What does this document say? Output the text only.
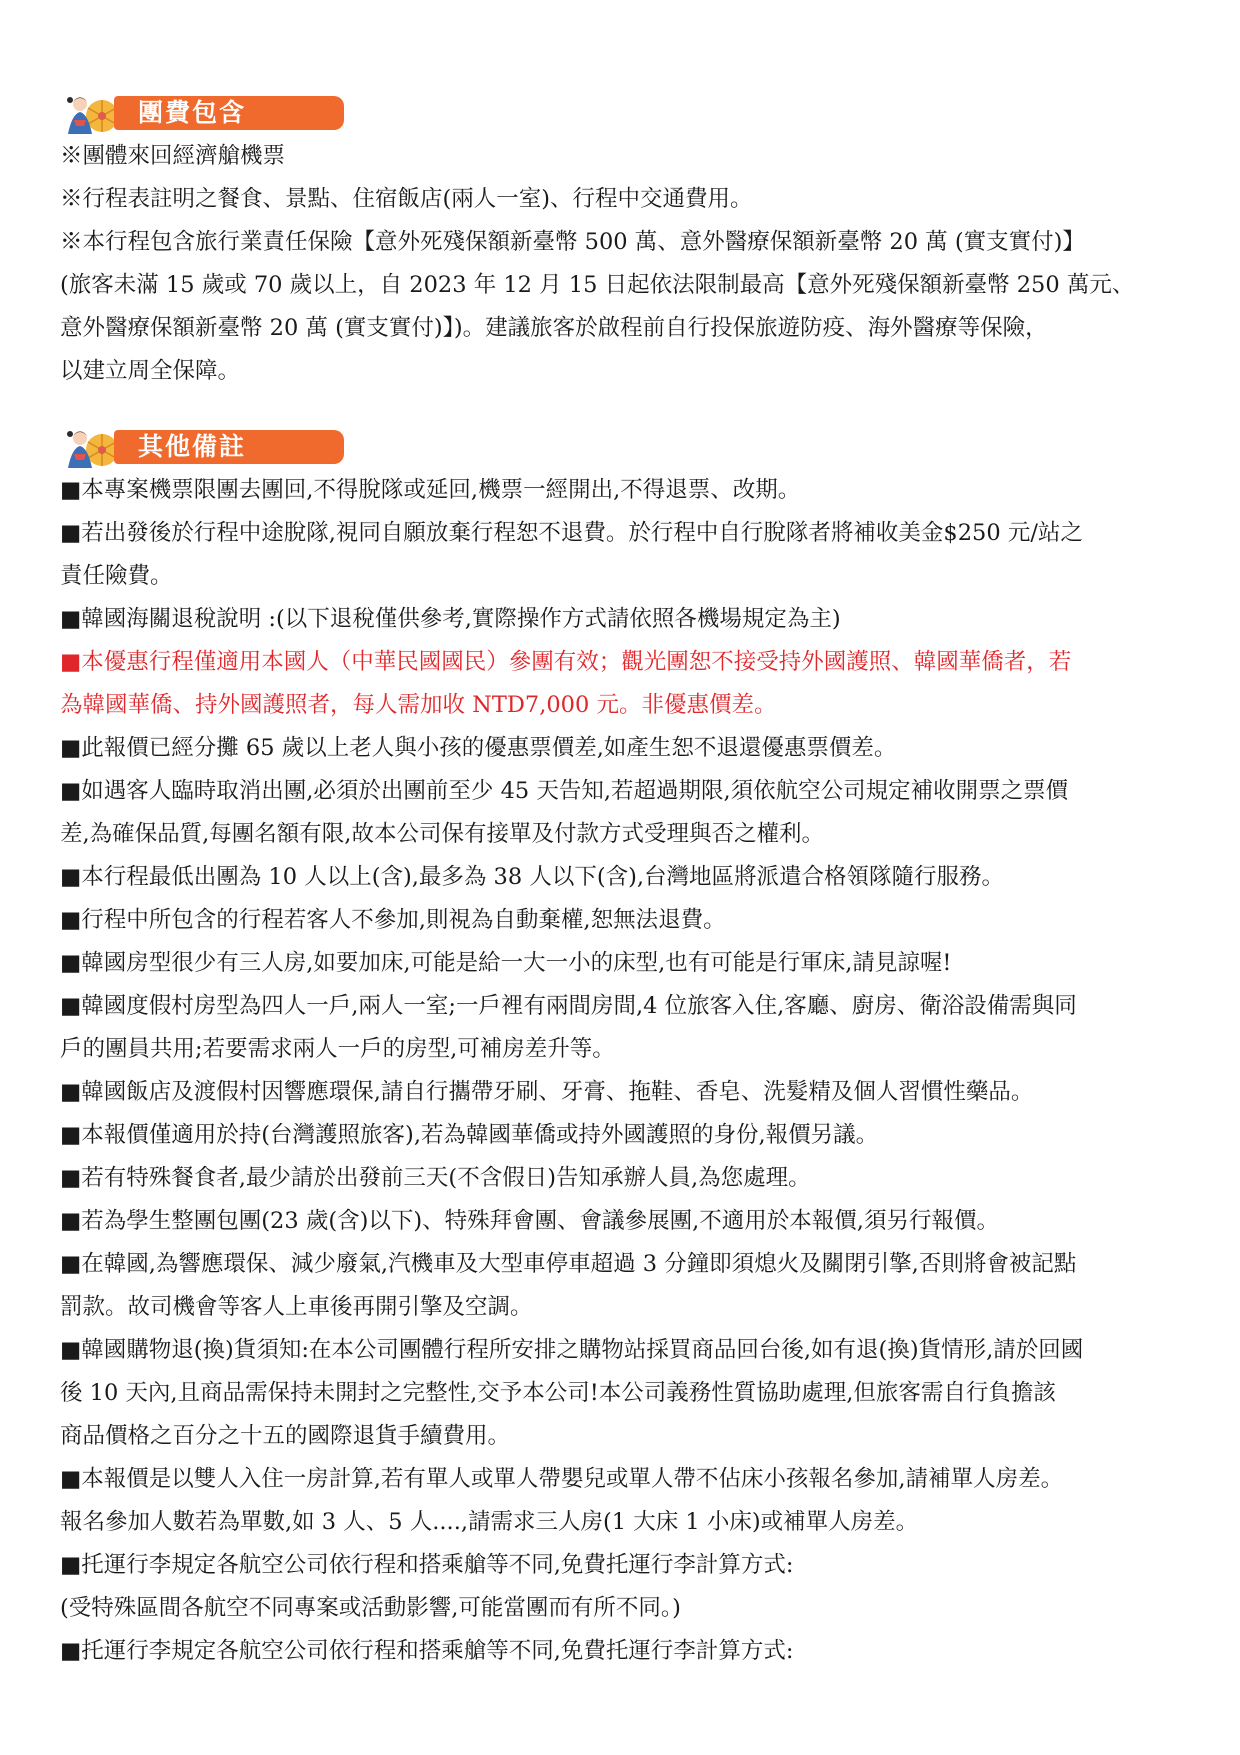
團費包含

※團體來回經濟艙機票

※行程表註明之餐食、景點、住宿飯店(兩人一室)、行程中交通費用。

※本行程包含旅行業責任保險【意外死殘保額新臺幣 500 萬、意外醫療保額新臺幣 20 萬 (實支實付)】

(旅客未滿 15 歲或 70 歲以上，自 2023 年 12 月 15 日起依法限制最高【意外死殘保額新臺幣 250 萬元、

意外醫療保額新臺幣 20 萬 (實支實付)】)。建議旅客於啟程前自行投保旅遊防疫、海外醫療等保險，

以建立周全保障。

其他備註

■本專案機票限團去團回,不得脫隊或延回,機票一經開出,不得退票、改期。

■若出發後於行程中途脫隊,視同自願放棄行程恕不退費。於行程中自行脫隊者將補收美金$250 元/站之

責任險費。

■韓國海關退稅說明 :(以下退稅僅供參考,實際操作方式請依照各機場規定為主)

■本優惠行程僅適用本國人（中華民國國民）參團有效；觀光團恕不接受持外國護照、韓國華僑者，若

為韓國華僑、持外國護照者，每人需加收 NTD7,000 元。非優惠價差。

■此報價已經分攤 65 歲以上老人與小孩的優惠票價差,如產生恕不退還優惠票價差。

■如遇客人臨時取消出團,必須於出團前至少 45 天告知,若超過期限,須依航空公司規定補收開票之票價

差,為確保品質,每團名額有限,故本公司保有接單及付款方式受理與否之權利。

■本行程最低出團為 10 人以上(含),最多為 38 人以下(含),台灣地區將派遣合格領隊隨行服務。

■行程中所包含的行程若客人不參加,則視為自動棄權,恕無法退費。

■韓國房型很少有三人房,如要加床,可能是給一大一小的床型,也有可能是行軍床,請見諒喔!

■韓國度假村房型為四人一戶,兩人一室;一戶裡有兩間房間,4 位旅客入住,客廳、廚房、衛浴設備需與同

戶的團員共用;若要需求兩人一戶的房型,可補房差升等。

■韓國飯店及渡假村因響應環保,請自行攜帶牙刷、牙膏、拖鞋、香皂、洗髮精及個人習慣性藥品。

■本報價僅適用於持(台灣護照旅客),若為韓國華僑或持外國護照的身份,報價另議。

■若有特殊餐食者,最少請於出發前三天(不含假日)告知承辦人員,為您處理。

■若為學生整團包團(23 歲(含)以下)、特殊拜會團、會議參展團,不適用於本報價,須另行報價。

■在韓國,為響應環保、減少廢氣,汽機車及大型車停車超過 3 分鐘即須熄火及關閉引擎,否則將會被記點

罰款。故司機會等客人上車後再開引擎及空調。

■韓國購物退(換)貨須知:在本公司團體行程所安排之購物站採買商品回台後,如有退(換)貨情形,請於回國

後 10 天內,且商品需保持未開封之完整性,交予本公司!本公司義務性質協助處理,但旅客需自行負擔該

商品價格之百分之十五的國際退貨手續費用。

■本報價是以雙人入住一房計算,若有單人或單人帶嬰兒或單人帶不佔床小孩報名參加,請補單人房差。

報名參加人數若為單數,如 3 人、5 人....,請需求三人房(1 大床 1 小床)或補單人房差。

■托運行李規定各航空公司依行程和搭乘艙等不同,免費托運行李計算方式:

(受特殊區間各航空不同專案或活動影響,可能當團而有所不同。)

■托運行李規定各航空公司依行程和搭乘艙等不同,免費托運行李計算方式:
